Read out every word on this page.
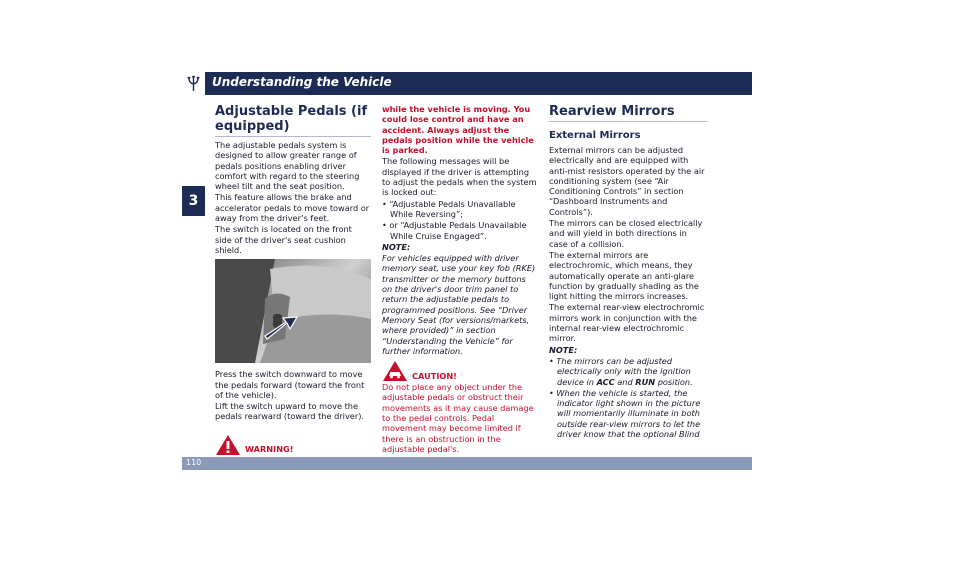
Understanding the Vehicle
3
Adjustable Pedals (if equipped)

The adjustable pedals system is designed to allow greater range of pedals positions enabling driver comfort with regard to the steering wheel tilt and the seat position.

This feature allows the brake and accelerator pedals to move toward or away from the driver’s feet.

The switch is located on the front side of the driver's seat cushion shield.

Press the switch downward to move the pedals forward (toward the front of the vehicle).

Lift the switch upward to move the pedals rearward (toward the driver).

WARNING!

while the vehicle is moving. You could lose control and have an accident. Always adjust the pedals position while the vehicle is parked.

The following messages will be displayed if the driver is attempting to adjust the pedals when the system is locked out:

• “Adjustable Pedals Unavailable While Reversing”;

• or “Adjustable Pedals Unavailable While Cruise Engaged”.

NOTE:

For vehicles equipped with driver memory seat, use your key fob (RKE) transmitter or the memory buttons on the driver's door trim panel to return the adjustable pedals to programmed positions. See “Driver Memory Seat (for versions/markets, where provided)” in section “Understanding the Vehicle” for further information.

CAUTION!

Do not place any object under the adjustable pedals or obstruct their movements as it may cause damage to the pedal controls. Pedal movement may become limited if there is an obstruction in the adjustable pedal's.

Rearview Mirrors
External Mirrors

External mirrors can be adjusted electrically and are equipped with anti-mist resistors operated by the air conditioning system (see “Air Conditioning Controls” in section “Dashboard Instruments and Controls”).

The mirrors can be closed electrically and will yield in both directions in case of a collision.

The external mirrors are electrochromic, which means, they automatically operate an anti-glare function by gradually shading as the light hitting the mirrors increases.

The external rear-view electrochromic mirrors work in conjunction with the internal rear-view electrochromic mirror.

NOTE:

• The mirrors can be adjusted electrically only with the ignition device in ACC and RUN position.

• When the vehicle is started, the indicator light shown in the picture will momentarily illuminate in both outside rear-view mirrors to let the driver know that the optional Blind

110
